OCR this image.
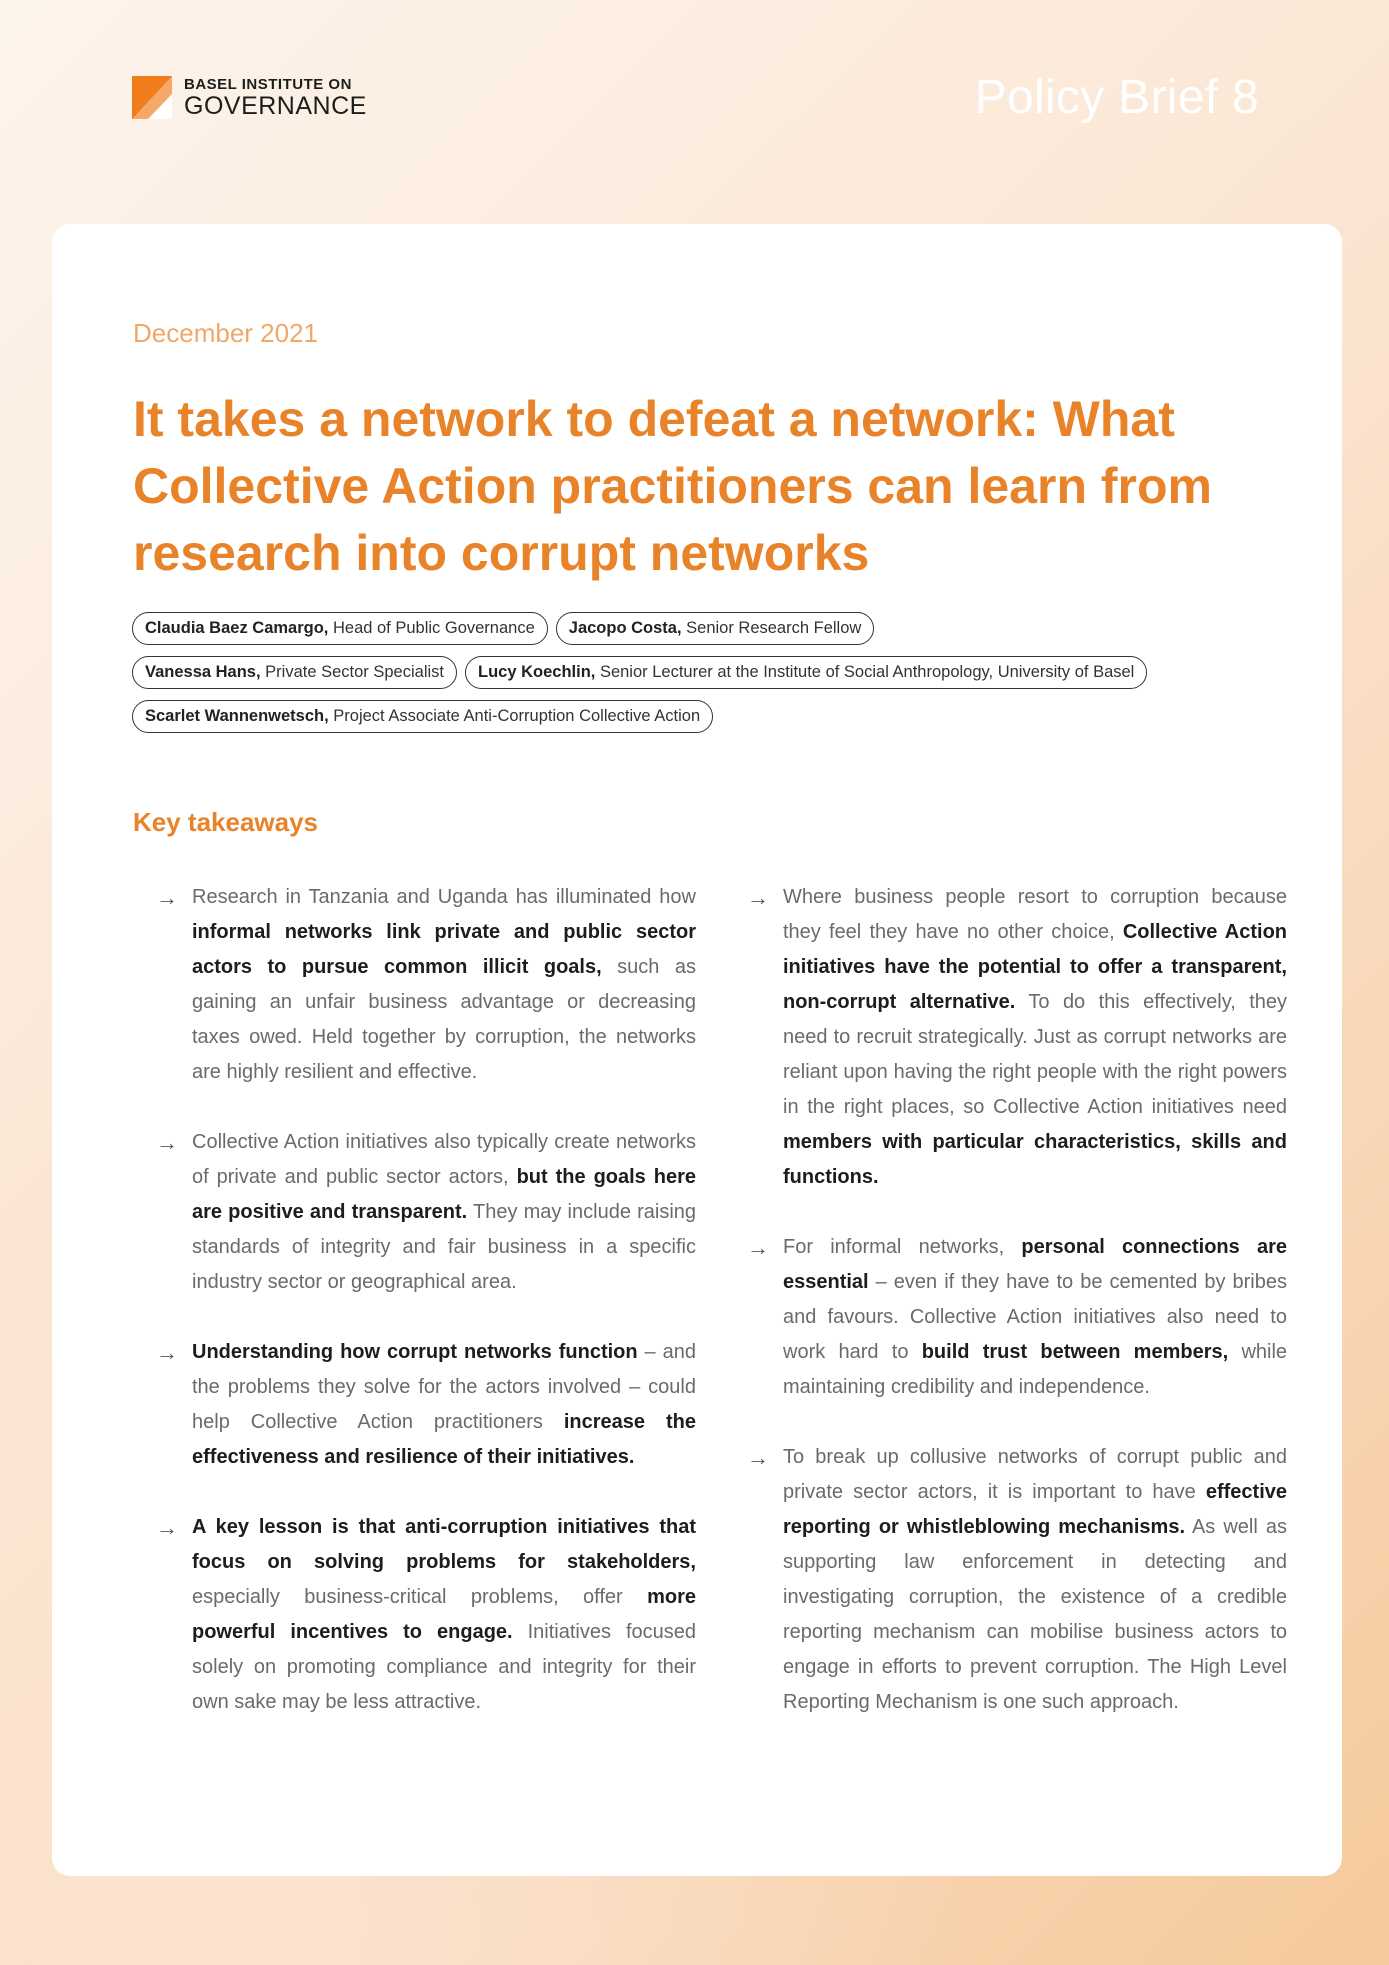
BASEL INSTITUTE ON
GOVERNANCE	Policy Brief 8
December 2021
It takes a network to defeat a network: What Collective Action practitioners can learn from research into corrupt networks
Claudia Baez Camargo, Head of Public Governance	Jacopo Costa, Senior Research Fellow
Vanessa Hans, Private Sector Specialist	Lucy Koechlin, Senior Lecturer at the Institute of Social Anthropology, University of Basel
Scarlet Wannenwetsch, Project Associate Anti-Corruption Collective Action
Key takeaways
→ Research in Tanzania and Uganda has illuminated how informal networks link private and public sector actors to pursue common illicit goals, such as gaining an unfair business advantage or decreasing taxes owed. Held together by corruption, the networks are highly resilient and effective.

→ Collective Action initiatives also typically create networks of private and public sector actors, but the goals here are positive and transparent. They may include raising standards of integrity and fair business in a specific industry sector or geographical area.

→ Understanding how corrupt networks function – and the problems they solve for the actors involved – could help Collective Action practitioners increase the effectiveness and resilience of their initiatives.

→ A key lesson is that anti-corruption initiatives that focus on solving problems for stakeholders, especially business-critical problems, offer more powerful incentives to engage. Initiatives focused solely on promoting compliance and integrity for their own sake may be less attractive.

→ Where business people resort to corruption because they feel they have no other choice, Collective Action initiatives have the potential to offer a transparent, non-corrupt alternative. To do this effectively, they need to recruit strategically. Just as corrupt networks are reliant upon having the right people with the right powers in the right places, so Collective Action initiatives need members with particular characteristics, skills and functions.

→ For informal networks, personal connections are essential – even if they have to be cemented by bribes and favours. Collective Action initiatives also need to work hard to build trust between members, while maintaining credibility and independence.

→ To break up collusive networks of corrupt public and private sector actors, it is important to have effective reporting or whistleblowing mechanisms. As well as supporting law enforcement in detecting and investigating corruption, the existence of a credible reporting mechanism can mobilise business actors to engage in efforts to prevent corruption. The High Level Reporting Mechanism is one such approach.
